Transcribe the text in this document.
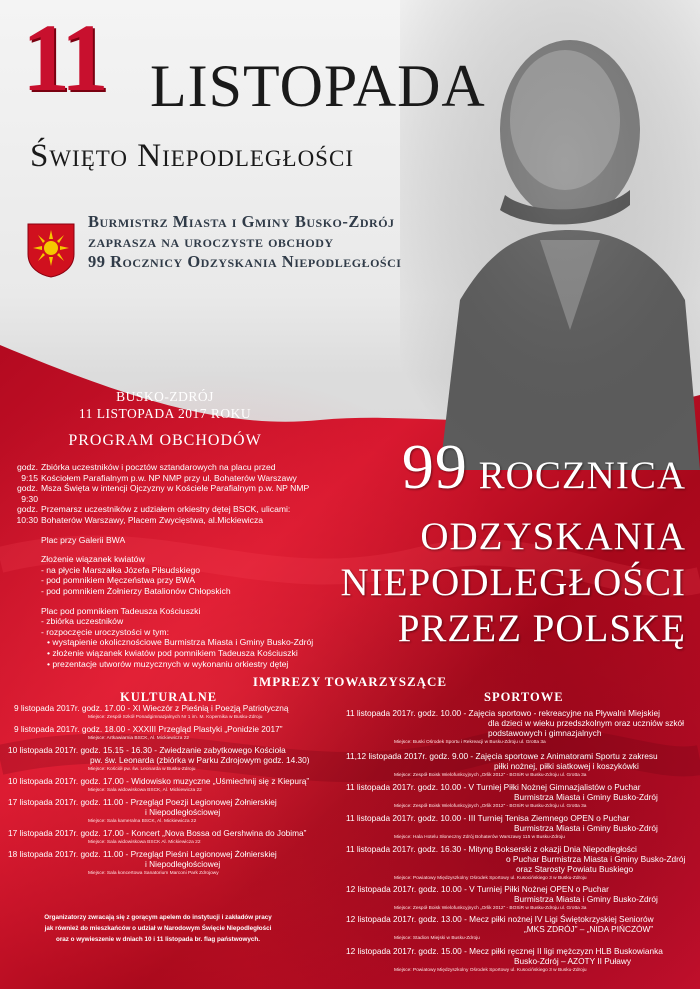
11 LISTOPADA
Święto Niepodległości
Burmistrz Miasta i Gminy Busko-Zdrój
zaprasza na uroczyste obchody
99 Rocznicy Odzyskania Niepodległości
BUSKO-ZDRÓJ
11 LISTOPADA 2017 ROKU
PROGRAM OBCHODÓW
godz. 9:15
Zbiórka uczestników i pocztów sztandarowych na placu przed
Kościołem Parafialnym p.w. NP NMP przy ul. Bohaterów Warszawy
godz. 9:30
Msza Święta w intencji Ojczyzny w Kościele Parafialnym p.w. NP NMP
godz. 10:30
Przemarsz uczestników z udziałem orkiestry dętej BSCK, ulicami:
Bohaterów Warszawy, Placem Zwycięstwa, al.Mickiewicza
Plac przy Galerii BWA
Złożenie wiązanek kwiatów
- na płycie Marszałka Józefa Piłsudskiego
- pod pomnikiem Męczeństwa przy BWA
- pod pomnikiem Żołnierzy Batalionów Chłopskich
Plac pod pomnikiem Tadeusza Kościuszki
- zbiórka uczestników
- rozpoczęcie uroczystości w tym:
• wystąpienie okolicznościowe Burmistrza Miasta i Gminy Busko-Zdrój
• złożenie wiązanek kwiatów pod pomnikiem Tadeusza Kościuszki
• prezentacje utworów muzycznych w wykonaniu orkiestry dętej
99 ROCZNICA
ODZYSKANIA
NIEPODLEGŁOŚCI
PRZEZ POLSKĘ
IMPREZY TOWARZYSZĄCE
KULTURALNE	SPORTOWE
9 listopada 2017r. godz. 17.00 - XI Wieczór z Pieśnią i Poezją Patriotyczną
Miejsce: Zespół Szkół Ponadgimnazjalnych Nr 1 im. M. Kopernika w Busku-Zdroju
9 listopada 2017r. godz. 18.00 - XXXIII Przegląd Plastyki „Ponidzie 2017”
Miejsce: Artkawiarnia BSCK, Al. Mickiewicza 22
10 listopada 2017r. godz. 15.15 - 16.30 - Zwiedzanie zabytkowego Kościoła
pw. św. Leonarda (zbiórka w Parku Zdrojowym godz. 14.30)
Miejsce: Kościół pw. św. Leonarda w Busku-Zdroju
10 listopada 2017r. godz. 17.00 - Widowisko muzyczne „Uśmiechnij się z Kiepurą”
Miejsce: Sala widowiskowa BSCK, Al. Mickiewicza 22
17 listopada 2017r. godz. 11.00 - Przegląd Poezji Legionowej Żołnierskiej
i Niepodległościowej
Miejsce: Sala kameralna BSCK, Al. Mickiewicza 22
17 listopada 2017r. godz. 17.00 - Koncert „Nova Bossa od Gershwina do Jobima”
Miejsce: Sala widowiskowa BSCK Al. Mickiewicza 22
18 listopada 2017r. godz. 11.00 - Przegląd Pieśni Legionowej Żołnierskiej
i Niepodległościowej
Miejsce: Sala koncertowa Sanatorium Marconi Park Zdrojowy
11 listopada 2017r. godz. 10.00 - Zajęcia sportowo - rekreacyjne na Pływalni Miejskiej
dla dzieci w wieku przedszkolnym oraz uczniów szkół
podstawowych i gimnazjalnych
Miejsce: Buski Ośrodek Sportu i Rekreacji w Busku-Zdroju ul. Grotta 3a
11,12 listopada 2017r. godz. 9.00 - Zajęcia sportowe z Animatorami Sportu z zakresu
piłki nożnej, piłki siatkowej i koszykówki
Miejsce: Zespół Boisk Wielofunkcyjnych „Orlik 2012” - BOSiR w Busku-Zdroju ul. Grotta 3a
11 listopada 2017r. godz. 10.00 - V Turniej Piłki Nożnej Gimnazjalistów o Puchar
Burmistrza Miasta i Gminy Busko-Zdrój
Miejsce: Zespół Boisk Wielofunkcyjnych „Orlik 2012” - BOSiR w Busku-Zdroju ul. Grotta 3a
11 listopada 2017r. godz. 10.00 - III Turniej Tenisa Ziemnego OPEN o Puchar
Burmistrza Miasta i Gminy Busko-Zdrój
Miejsce: Hala Hotelu Słoneczny Zdrój Bohaterów Warszawy 115 w Busku-Zdroju
11 listopada 2017r. godz. 16.30 - Mityng Bokserski z okazji Dnia Niepodległości
o Puchar Burmistrza Miasta i Gminy Busko-Zdrój
oraz Starosty Powiatu Buskiego
Miejsce: Powiatowy Międzyszkolny Ośrodek Sportowy ul. Kusocińskiego 3 w Busku-Zdroju
12 listopada 2017r. godz. 10.00 - V Turniej Piłki Nożnej OPEN o Puchar
Burmistrza Miasta i Gminy Busko-Zdrój
Miejsce: Zespół Boisk Wielofunkcyjnych „Orlik 2012” - BOSiR w Busku-Zdroju ul. Grotta 3a
12 listopada 2017r. godz. 13.00 - Mecz piłki nożnej IV Ligi Świętokrzyskiej Seniorów
„MKS ZDRÓJ” – „NIDA PIŃCZÓW”
Miejsce: Stadion Miejski w Busku-Zdroju
12 listopada 2017r. godz. 15.00 - Mecz piłki ręcznej II ligi mężczyzn HLB Buskowianka
Busko-Zdrój – AZOTY II Puławy
Miejsce: Powiatowy Międzyszkolny Ośrodek Sportowy ul. Kusocińskiego 3 w Busku-Zdroju
Organizatorzy zwracają się z gorącym apelem do instytucji i zakładów pracy
jak również do mieszkańców o udział w Narodowym Święcie Niepodległości
oraz o wywieszenie w dniach 10 i 11 listopada br. flag państwowych.
